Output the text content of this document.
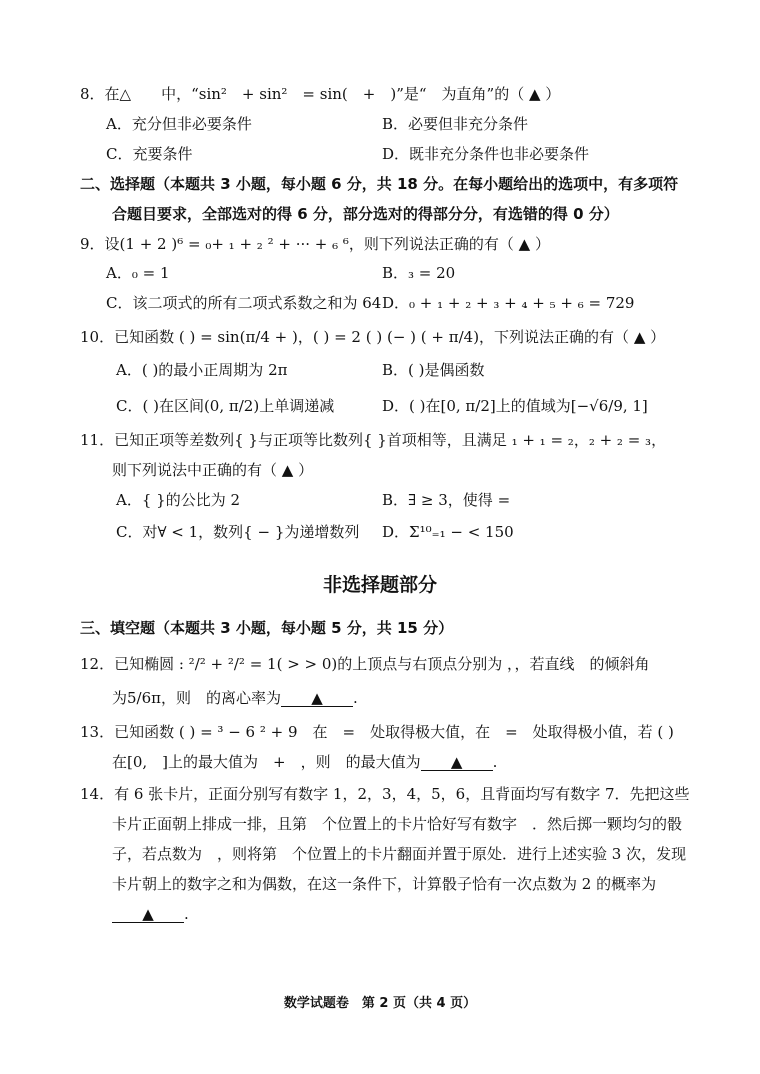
8．在△　　中，“sin²　+ sin²　= sin(　+　)”是“　为直角”的（ ▲ ）
A．充分但非必要条件	B．必要但非充分条件
C．充要条件	D．既非充分条件也非必要条件
二、选择题（本题共 3 小题，每小题 6 分，共 18 分。在每小题给出的选项中，有多项符
合题目要求，全部选对的得 6 分，部分选对的得部分分，有选错的得 0 分）
9．设(1 + 2 )⁶ = ₀+ ₁ + ₂ ² + ··· + ₆ ⁶，则下列说法正确的有（ ▲ ）
A．₀ = 1	B．₃ = 20
C．该二项式的所有二项式系数之和为 64 D．₀ + ₁ + ₂ + ₃ + ₄ + ₅ + ₆ = 729
10．已知函数 ( ) = sin(π/4 + )，( ) = 2 ( ) (− ) ( + π/4)，下列说法正确的有（ ▲ ）
A．( )的最小正周期为 2π	B．( )是偶函数
C．( )在区间(0, π/2)上单调递减	D．( )在[0, π/2]上的值域为[−√6/9, 1]
11．已知正项等差数列{ }与正项等比数列{ }首项相等，且满足 ₁ + ₁ = ₂，₂ + ₂ = ₃，
则下列说法中正确的有（ ▲ ）
A．{ }的公比为 2	B．∃ ≥ 3，使得 =
C．对∀ < 1，数列{ − }为递增数列 D．Σ¹⁰₌₁ − < 150
非选择题部分
三、填空题（本题共 3 小题，每小题 5 分，共 15 分）
12．已知椭圆 : ²/² + ²/² = 1( > > 0)的上顶点与右顶点分别为 ，，若直线　的倾斜角
为5/6π，则　的离心率为 ▲ .
13．已知函数 ( ) = ³ − 6 ² + 9　在　=　处取得极大值，在　=　处取得极小值，若 ( )
在[0,　]上的最大值为　+　，则　的最大值为 ▲ .
14．有 6 张卡片，正面分别写有数字 1，2，3，4，5，6，且背面均写有数字 7．先把这些
卡片正面朝上排成一排，且第　个位置上的卡片恰好写有数字　．然后掷一颗均匀的骰
子，若点数为　，则将第　个位置上的卡片翻面并置于原处．进行上述实验 3 次，发现
卡片朝上的数字之和为偶数，在这一条件下，计算骰子恰有一次点数为 2 的概率为
▲ .
数学试题卷　第 2 页（共 4 页）
